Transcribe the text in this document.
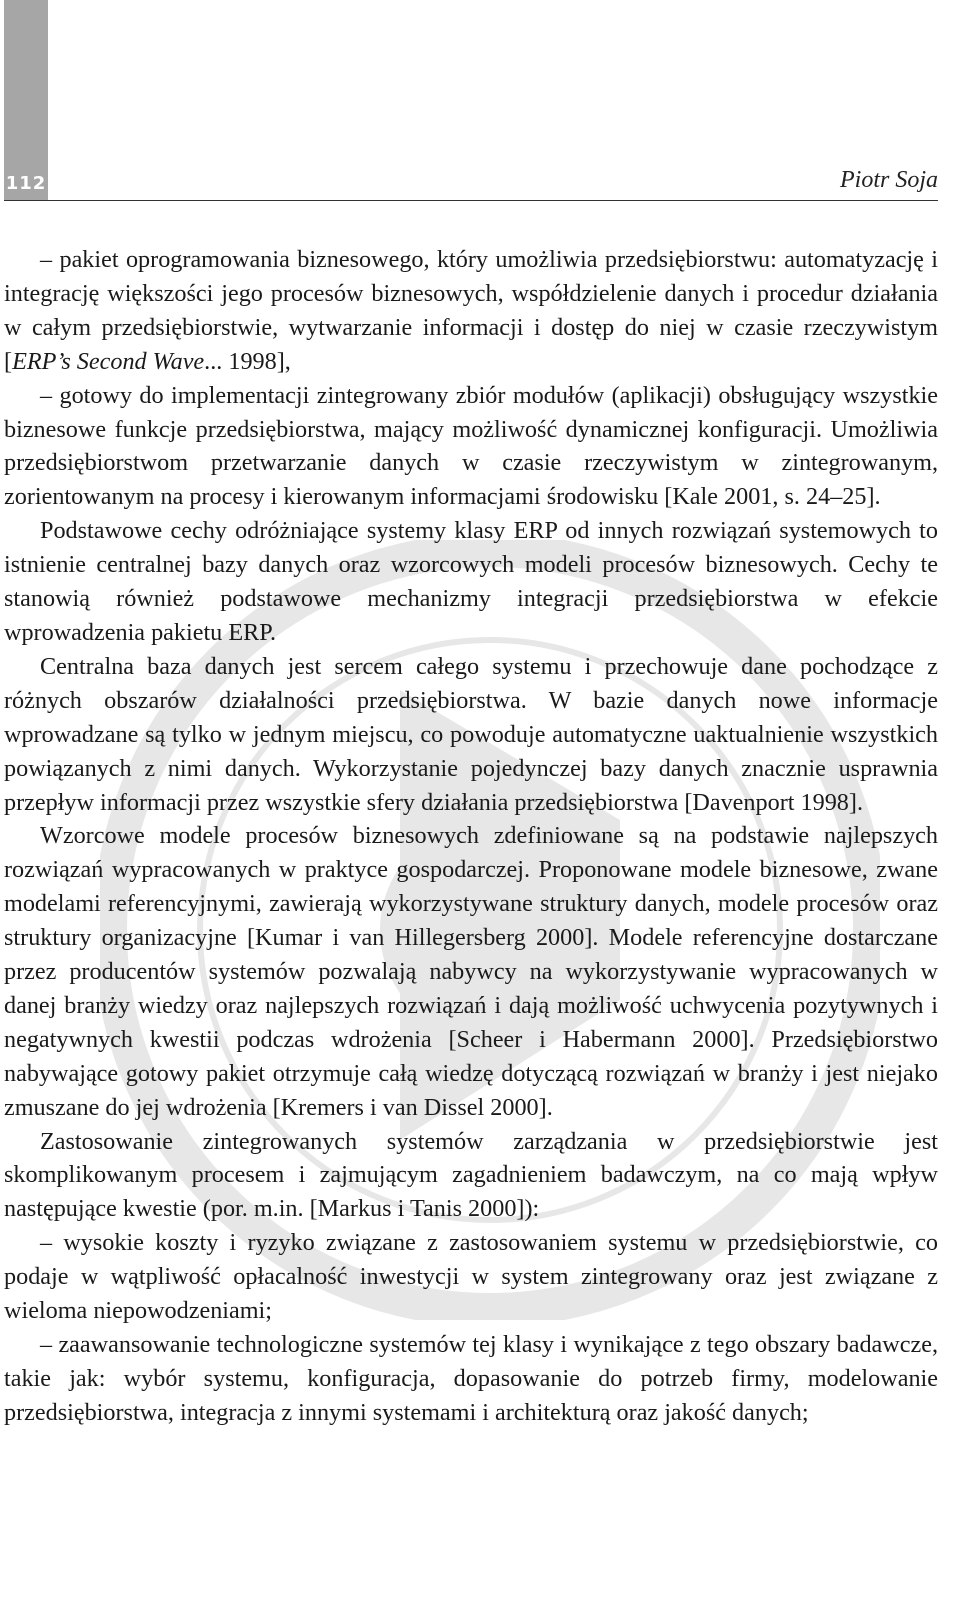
112	Piotr Soja

– pakiet oprogramowania biznesowego, który umożliwia przedsiębiorstwu: automatyzację i integrację większości jego procesów biznesowych, współdzielenie danych i procedur działania w całym przedsiębiorstwie, wytwarzanie informacji i dostęp do niej w czasie rzeczywistym [ERP’s Second Wave... 1998],

– gotowy do implementacji zintegrowany zbiór modułów (aplikacji) obsługujący wszystkie biznesowe funkcje przedsiębiorstwa, mający możliwość dynamicznej konfiguracji. Umożliwia przedsiębiorstwom przetwarzanie danych w czasie rzeczywistym w zintegrowanym, zorientowanym na procesy i kierowanym informacjami środowisku [Kale 2001, s. 24–25].

Podstawowe cechy odróżniające systemy klasy ERP od innych rozwiązań systemowych to istnienie centralnej bazy danych oraz wzorcowych modeli procesów biznesowych. Cechy te stanowią również podstawowe mechanizmy integracji przedsiębiorstwa w efekcie wprowadzenia pakietu ERP.

Centralna baza danych jest sercem całego systemu i przechowuje dane pochodzące z różnych obszarów działalności przedsiębiorstwa. W bazie danych nowe informacje wprowadzane są tylko w jednym miejscu, co powoduje automatyczne uaktualnienie wszystkich powiązanych z nimi danych. Wykorzystanie pojedynczej bazy danych znacznie usprawnia przepływ informacji przez wszystkie sfery działania przedsiębiorstwa [Davenport 1998].

Wzorcowe modele procesów biznesowych zdefiniowane są na podstawie najlepszych rozwiązań wypracowanych w praktyce gospodarczej. Proponowane modele biznesowe, zwane modelami referencyjnymi, zawierają wykorzystywane struktury danych, modele procesów oraz struktury organizacyjne [Kumar i van Hillegersberg 2000]. Modele referencyjne dostarczane przez producentów systemów pozwalają nabywcy na wykorzystywanie wypracowanych w danej branży wiedzy oraz najlepszych rozwiązań i dają możliwość uchwycenia pozytywnych i negatywnych kwestii podczas wdrożenia [Scheer i Habermann 2000]. Przedsiębiorstwo nabywające gotowy pakiet otrzymuje całą wiedzę dotyczącą rozwiązań w branży i jest niejako zmuszane do jej wdrożenia [Kremers i van Dissel 2000].

Zastosowanie zintegrowanych systemów zarządzania w przedsiębiorstwie jest skomplikowanym procesem i zajmującym zagadnieniem badawczym, na co mają wpływ następujące kwestie (por. m.in. [Markus i Tanis 2000]):

– wysokie koszty i ryzyko związane z zastosowaniem systemu w przedsiębiorstwie, co podaje w wątpliwość opłacalność inwestycji w system zintegrowany oraz jest związane z wieloma niepowodzeniami;

– zaawansowanie technologiczne systemów tej klasy i wynikające z tego obszary badawcze, takie jak: wybór systemu, konfiguracja, dopasowanie do potrzeb firmy, modelowanie przedsiębiorstwa, integracja z innymi systemami i architekturą oraz jakość danych;
